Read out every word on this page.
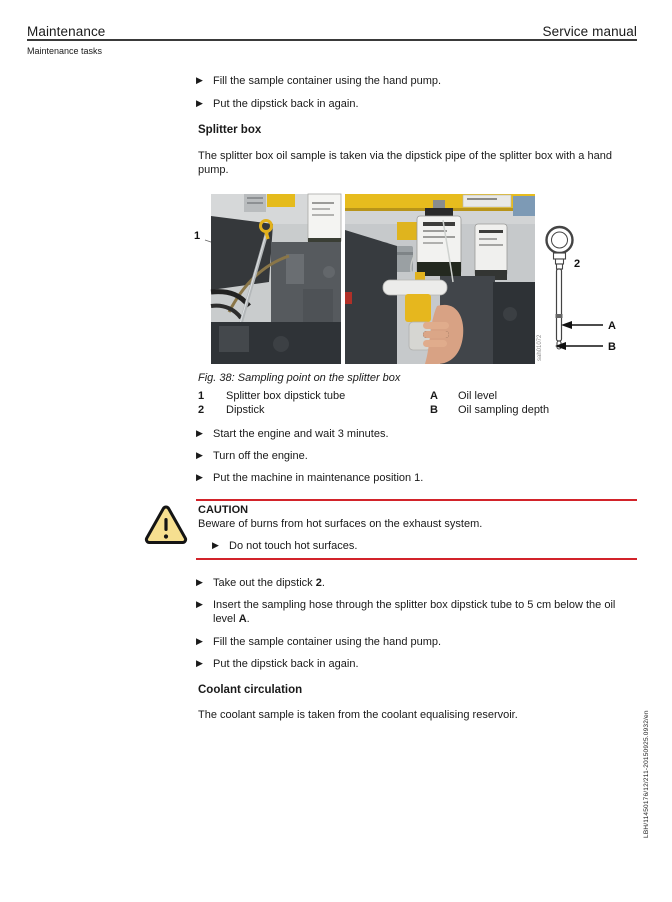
Maintenance	Service manual
Maintenance tasks
▶ Fill the sample container using the hand pump.
▶ Put the dipstick back in again.
Splitter box
The splitter box oil sample is taken via the dipstick pipe of the splitter box with a hand pump.
1
sah01072
2
A
B
Fig. 38: Sampling point on the splitter box
1 Splitter box dipstick tube	A Oil level
2 Dipstick	B Oil sampling depth
▶ Start the engine and wait 3 minutes.
▶ Turn off the engine.
▶ Put the machine in maintenance position 1.
CAUTION
Beware of burns from hot surfaces on the exhaust system.
▶ Do not touch hot surfaces.
▶ Take out the dipstick 2.
▶ Insert the sampling hose through the splitter box dipstick tube to 5 cm below the oil level A.
▶ Fill the sample container using the hand pump.
▶ Put the dipstick back in again.
Coolant circulation
The coolant sample is taken from the coolant equalising reservoir.	LBH/11450176/12/211-20150925.0932/en
